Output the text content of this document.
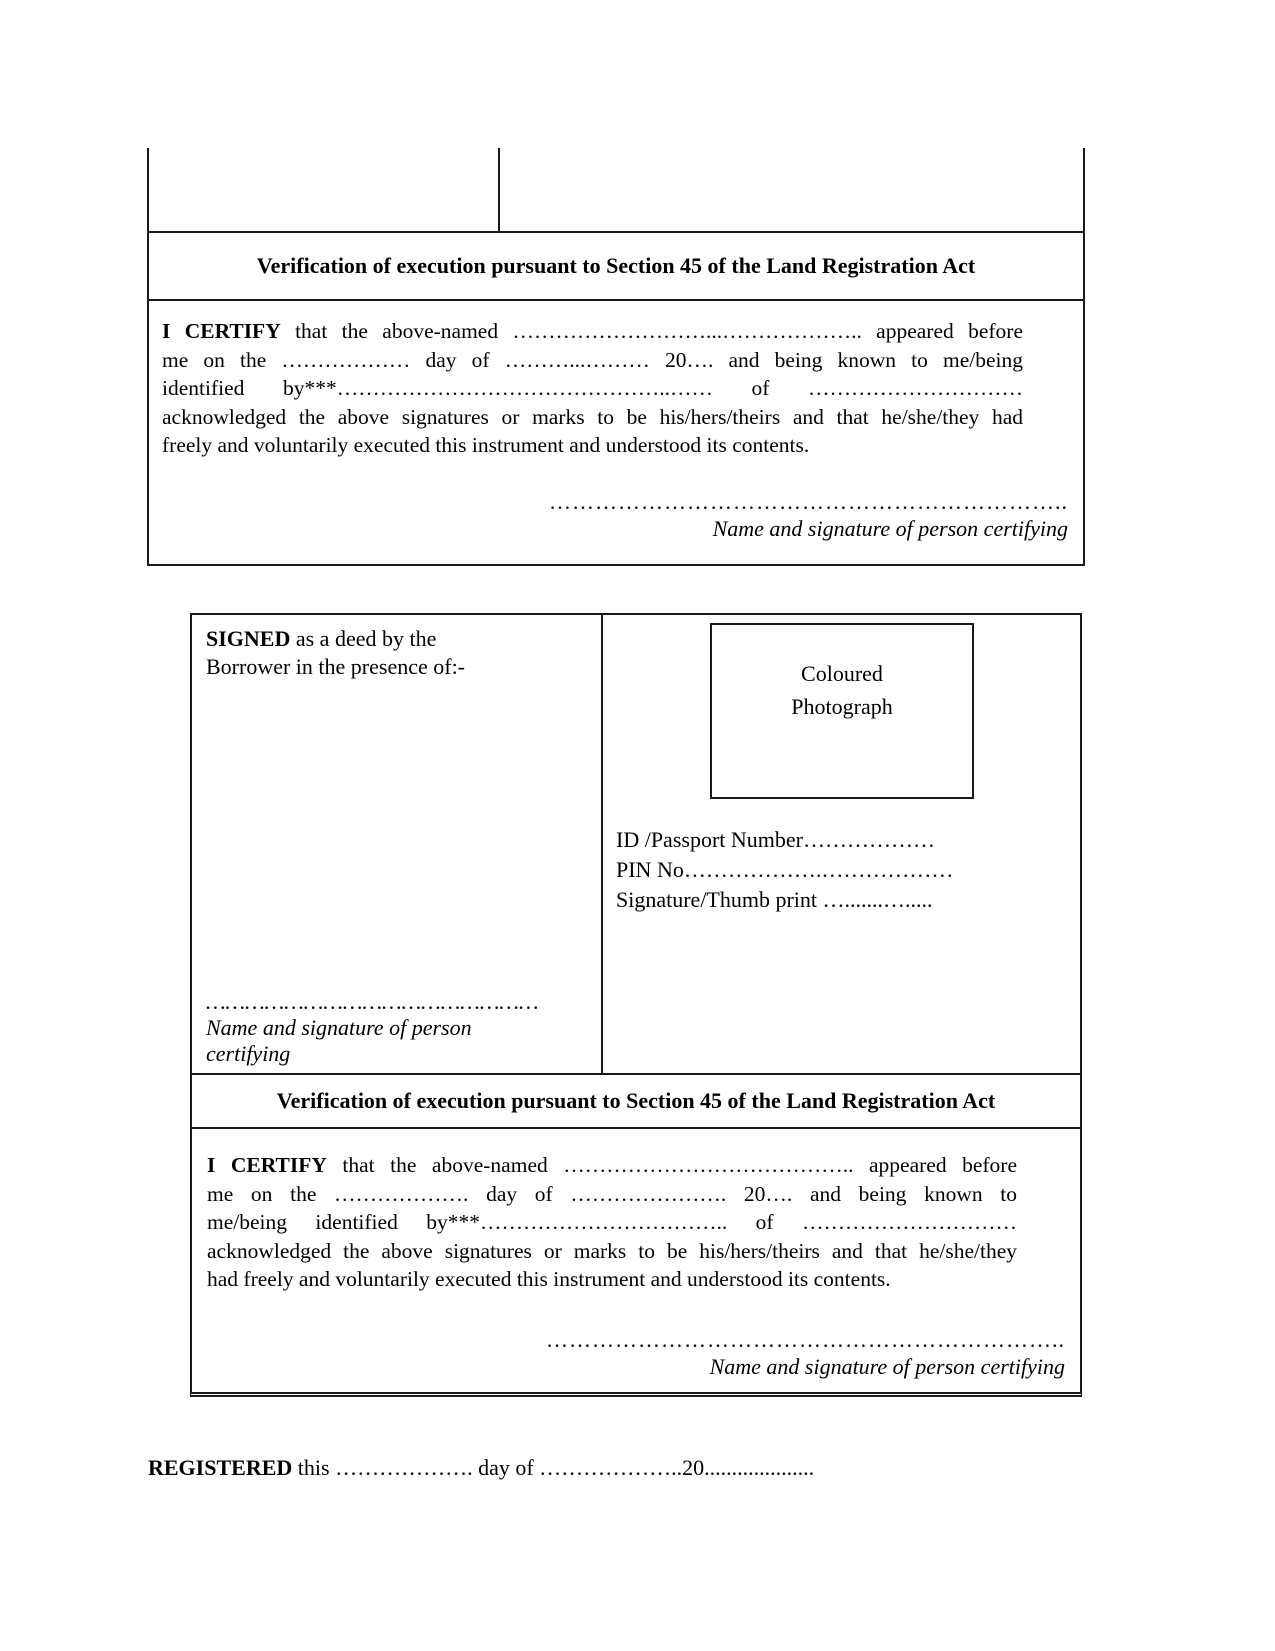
Verification of execution pursuant to Section 45 of the Land Registration Act
I CERTIFY that the above-named ………………………...……………….. appeared before
me on the ……………… day of ………...……… 20…. and being known to me/being
identified by***………………………………………..…… of …………………………
acknowledged the above signatures or marks to be his/hers/theirs and that he/she/they had
freely and voluntarily executed this instrument and understood its contents.
…………………………………………………………..
Name and signature of person certifying
SIGNED as a deed by the
Borrower in the presence of:-
……………………………………………
Name and signature of person certifying
Coloured
Photograph
ID /Passport Number………………
PIN No……………….………………
Signature/Thumb print ….......….....
Verification of execution pursuant to Section 45 of the Land Registration Act
I CERTIFY that the above-named ………………………………….. appeared before
me on the ………………. day of …………………. 20…. and being known to
me/being identified by***…………………………….. of …………………………
acknowledged the above signatures or marks to be his/hers/theirs and that he/she/they
had freely and voluntarily executed this instrument and understood its contents.
…………………………………………………………..
Name and signature of person certifying
REGISTERED this ………………. day of ………………..20....................
